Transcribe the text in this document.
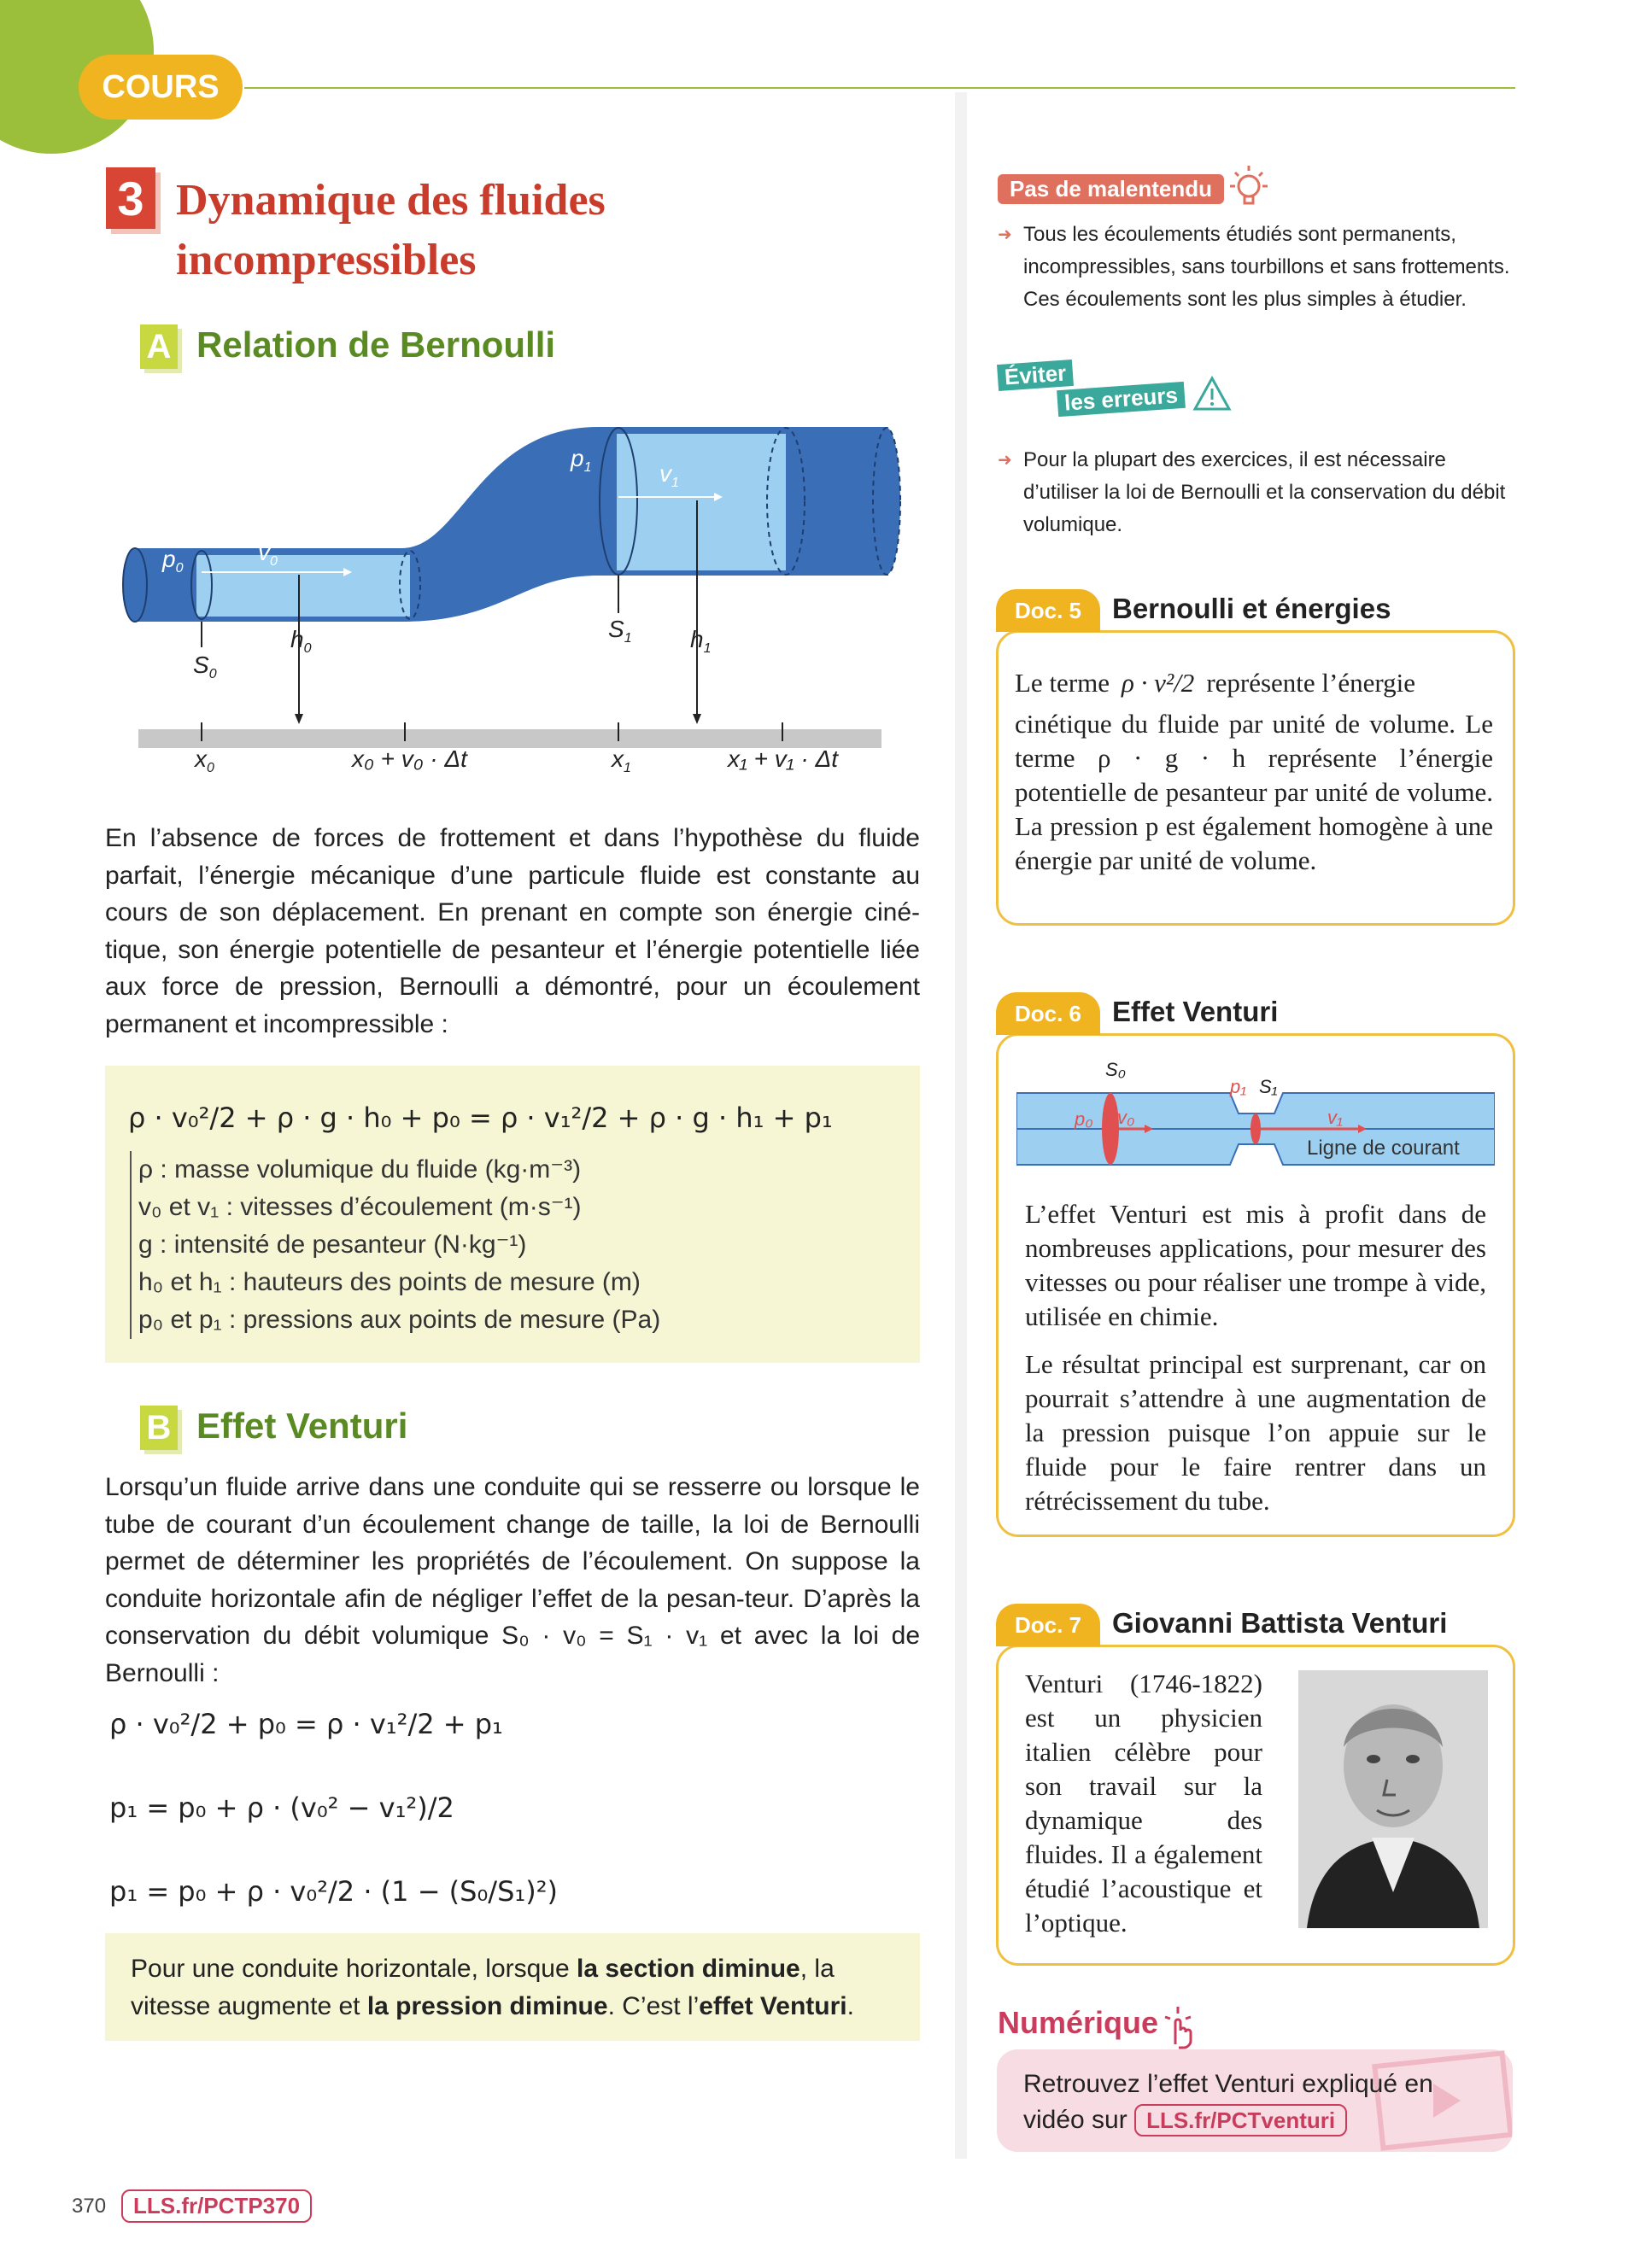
COURS
3 Dynamique des fluides
incompressibles
A Relation de Bernoulli
$p_0$
$v_0$
$p_1$	$v_1$
$S_0$
$h_0$
$S_1$ $h_1$
$x_0$	x₀ + v₀ · Δt	$x_1$	x₁ + v₁ · Δt
En l’absence de forces de frottement et dans l’hypothèse du fluide parfait, l’énergie mécanique d’une particule fluide est constante au cours de son déplacement. En prenant en compte son énergie ciné-tique, son énergie potentielle de pesanteur et l’énergie potentielle liée aux force de pression, Bernoulli a démontré, pour un écoulement permanent et incompressible :
ρ · v₀²/2 + ρ · g · h₀ + p₀ = ρ · v₁²/2 + ρ · g · h₁ + p₁
ρ : masse volumique du fluide (kg·m⁻³)
v₀ et v₁ : vitesses d’écoulement (m·s⁻¹)
g : intensité de pesanteur (N·kg⁻¹)
h₀ et h₁ : hauteurs des points de mesure (m)
p₀ et p₁ : pressions aux points de mesure (Pa)
B Effet Venturi
Lorsqu’un fluide arrive dans une conduite qui se resserre ou lorsque le tube de courant d’un écoulement change de taille, la loi de Bernoulli permet de déterminer les propriétés de l’écoulement. On suppose la conduite horizontale afin de négliger l’effet de la pesan-teur. D’après la conservation du débit volumique S₀ · v₀ = S₁ · v₁ et avec la loi de Bernoulli :
ρ · v₀²/2 + p₀ = ρ · v₁²/2 + p₁
p₁ = p₀ + ρ · (v₀² − v₁²)/2
p₁ = p₀ + ρ · v₀²/2 · (1 − (S₀/S₁)²)
Pour une conduite horizontale, lorsque la section diminue, la vitesse augmente et la pression diminue. C’est l’effet Venturi.
Pas de malentendu
➜ Tous les écoulements étudiés sont permanents, incompressibles, sans tourbillons et sans frottements. Ces écoulements sont les plus simples à étudier.
Éviter
les erreurs
➜ Pour la plupart des exercices, il est nécessaire d’utiliser la loi de Bernoulli et la conservation du débit volumique.
Doc. 5	Bernoulli et énergies
Le terme ρ · v²/2 représente l’énergie
cinétique du fluide par unité de volume. Le terme ρ · g · h représente l’énergie potentielle de pesanteur par unité de volume. La pression p est également homogène à une énergie par unité de volume.
Doc. 6	Effet Venturi
S₀
p₁ S₁
p₀ v₀	v₁
Ligne de courant
L’effet Venturi est mis à profit dans de nombreuses applications, pour mesurer des vitesses ou pour réaliser une trompe à vide, utilisée en chimie.
Le résultat principal est surprenant, car on pourrait s’attendre à une augmentation de la pression puisque l’on appuie sur le fluide pour le faire rentrer dans un rétrécissement du tube.
Doc. 7	Giovanni Battista Venturi
Venturi (1746-1822) est un physicien italien célèbre pour son travail sur la dynamique des fluides. Il a également étudié l’acoustique et l’optique.
Numérique
Retrouvez l’effet Venturi expliqué en vidéo sur LLS.fr/PCTventuri
370	LLS.fr/PCTP370
